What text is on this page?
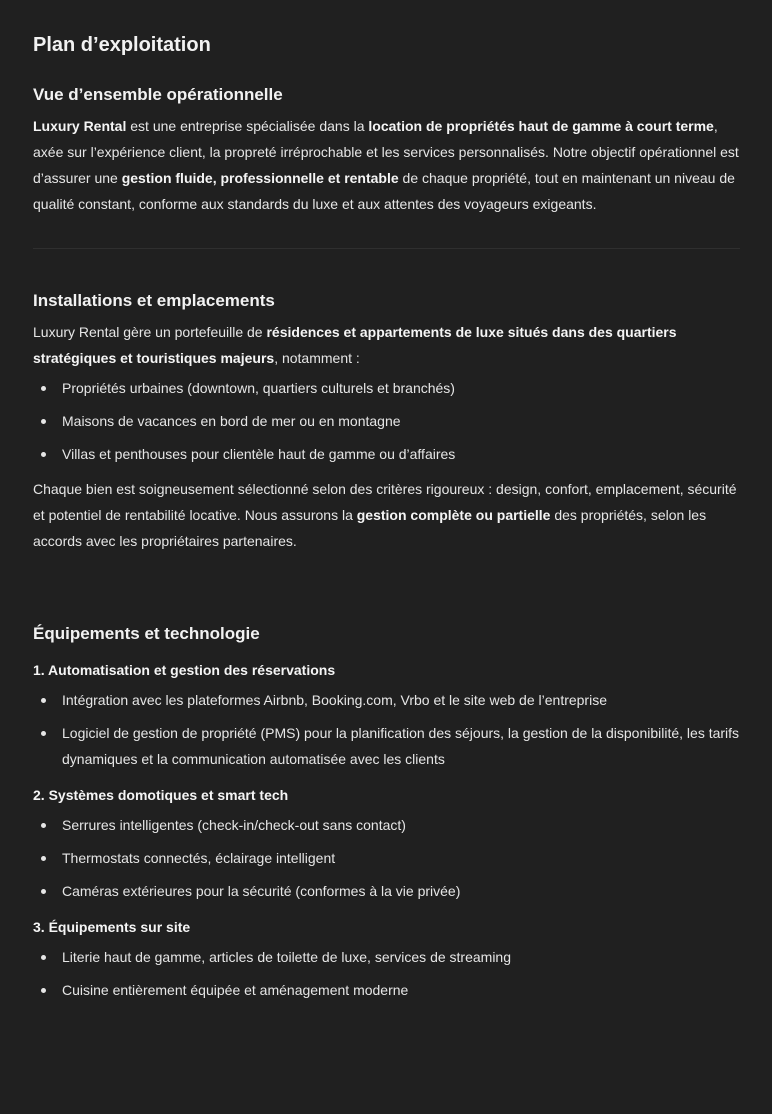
Plan d’exploitation
Vue d’ensemble opérationnelle

Luxury Rental est une entreprise spécialisée dans la location de propriétés haut de gamme à court terme, axée sur l’expérience client, la propreté irréprochable et les services personnalisés. Notre objectif opérationnel est d’assurer une gestion fluide, professionnelle et rentable de chaque propriété, tout en maintenant un niveau de qualité constant, conforme aux standards du luxe et aux attentes des voyageurs exigeants.

Installations et emplacements

Luxury Rental gère un portefeuille de résidences et appartements de luxe situés dans des quartiers stratégiques et touristiques majeurs, notamment :

Propriétés urbaines (downtown, quartiers culturels et branchés)
Maisons de vacances en bord de mer ou en montagne
Villas et penthouses pour clientèle haut de gamme ou d’affaires

Chaque bien est soigneusement sélectionné selon des critères rigoureux : design, confort, emplacement, sécurité et potentiel de rentabilité locative. Nous assurons la gestion complète ou partielle des propriétés, selon les accords avec les propriétaires partenaires.

Équipements et technologie
1. Automatisation et gestion des réservations
Intégration avec les plateformes Airbnb, Booking.com, Vrbo et le site web de l’entreprise
Logiciel de gestion de propriété (PMS) pour la planification des séjours, la gestion de la disponibilité, les tarifs dynamiques et la communication automatisée avec les clients
2. Systèmes domotiques et smart tech
Serrures intelligentes (check-in/check-out sans contact)
Thermostats connectés, éclairage intelligent
Caméras extérieures pour la sécurité (conformes à la vie privée)
3. Équipements sur site
Literie haut de gamme, articles de toilette de luxe, services de streaming
Cuisine entièrement équipée et aménagement moderne
